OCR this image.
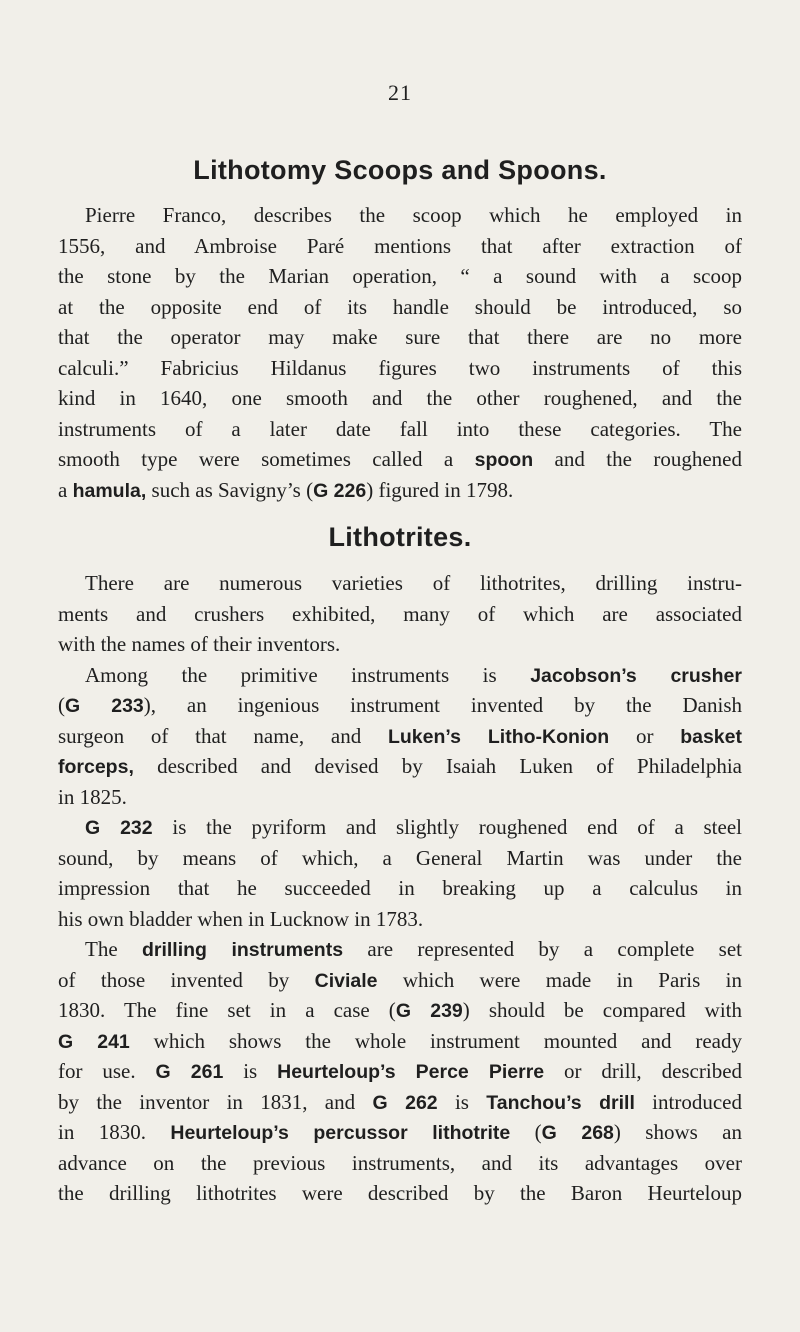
21
Lithotomy Scoops and Spoons.
Pierre Franco, describes the scoop which he employed in
1556, and Ambroise Paré mentions that after extraction of
the stone by the Marian operation, “ a sound with a scoop
at the opposite end of its handle should be introduced, so
that the operator may make sure that there are no more
calculi.” Fabricius Hildanus figures two instruments of this
kind in 1640, one smooth and the other roughened, and the
instruments of a later date fall into these categories. The
smooth type were sometimes called a spoon and the roughened
a hamula, such as Savigny’s (G 226) figured in 1798.
Lithotrites.
There are numerous varieties of lithotrites, drilling instru-
ments and crushers exhibited, many of which are associated
with the names of their inventors.
Among the primitive instruments is Jacobson’s crusher
(G 233), an ingenious instrument invented by the Danish
surgeon of that name, and Luken’s Litho-Konion or basket
forceps, described and devised by Isaiah Luken of Philadelphia
in 1825.
G 232 is the pyriform and slightly roughened end of a steel
sound, by means of which, a General Martin was under the
impression that he succeeded in breaking up a calculus in
his own bladder when in Lucknow in 1783.
The drilling instruments are represented by a complete set
of those invented by Civiale which were made in Paris in
1830. The fine set in a case (G 239) should be compared with
G 241 which shows the whole instrument mounted and ready
for use. G 261 is Heurteloup’s Perce Pierre or drill, described
by the inventor in 1831, and G 262 is Tanchou’s drill introduced
in 1830. Heurteloup’s percussor lithotrite (G 268) shows an
advance on the previous instruments, and its advantages over
the drilling lithotrites were described by the Baron Heurteloup
